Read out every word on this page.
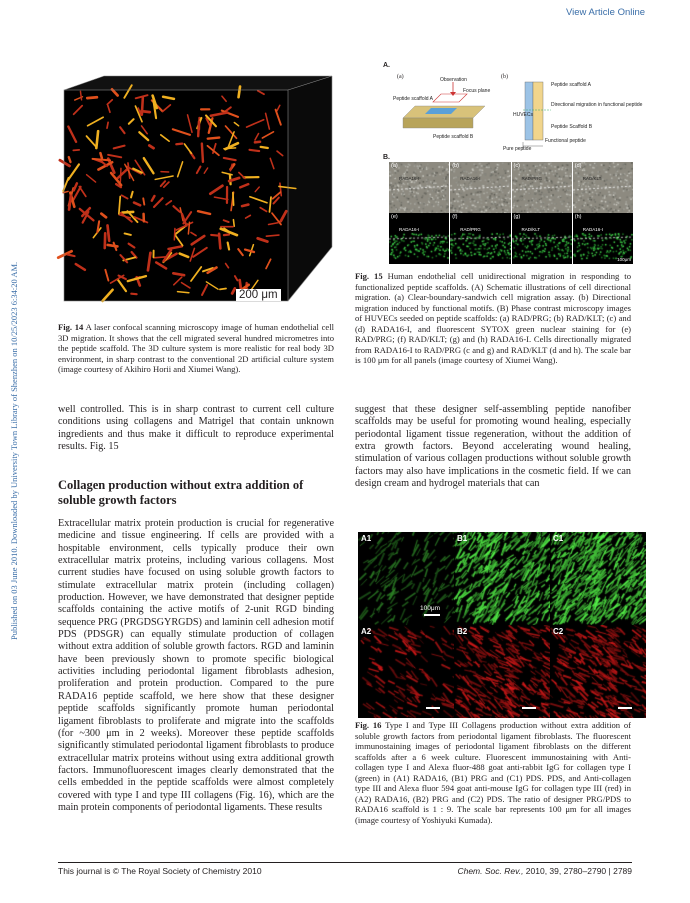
View Article Online
Published on 03 June 2010. Downloaded by University Town Library of Shenzhen on 10/25/2023 6:34:20 AM.	200 μm
Fig. 14 A laser confocal scanning microscopy image of human endothelial cell 3D migration. It shows that the cell migrated several hundred micrometres into the peptide scaffold. The 3D culture system is more realistic for real body 3D environment, in sharp contrast to the conventional 2D artificial culture system (image courtesy of Akihiro Horii and Xiumei Wang).
A.
(a)	(b)
Observation
Peptide scaffold A
Focus plane
Peptide scaffold B
Peptide scaffold A
Directional migration in functional peptide
HUVECs
Peptide Scaffold B
Functional peptide
Pure peptide
B.
(a)
RADA16-I
(b)
RADA16-I
(c)
RAD/PRG
(d)
RAD/KLT
(e)
RADA16-I
(f)
RAD/PRG
(g)
RAD/KLT
(h)
RADA16-I
100μm
Fig. 15 Human endothelial cell unidirectional migration in responding to functionalized peptide scaffolds. (A) Schematic illustrations of cell directional migration. (a) Clear-boundary-sandwich cell migration assay. (b) Directional migration induced by functional motifs. (B) Phase contrast microscopy images of HUVECs seeded on peptide scaffolds: (a) RAD/PRG; (b) RAD/KLT; (c) and (d) RADA16-I, and fluorescent SYTOX green nuclear staining for (e) RAD/PRG; (f) RAD/KLT; (g) and (h) RADA16-I. Cells directionally migrated from RADA16-I to RAD/PRG (c and g) and RAD/KLT (d and h). The scale bar is 100 μm for all panels (image courtesy of Xiumei Wang).
well controlled. This is in sharp contrast to current cell culture conditions using collagens and Matrigel that contain unknown ingredients and thus make it difficult to reproduce experimental results. Fig. 15
Collagen production without extra addition of soluble growth factors
Extracellular matrix protein production is crucial for regenerative medicine and tissue engineering. If cells are provided with a hospitable environment, cells typically produce their own extracellular matrix proteins, including various collagens. Most current studies have focused on using soluble growth factors to stimulate extracellular matrix protein (including collagen) production. However, we have demonstrated that designer peptide scaffolds containing the active motifs of 2-unit RGD binding sequence PRG (PRGDSGYRGDS) and laminin cell adhesion motif PDS (PDSGR) can equally stimulate production of collagen without extra addition of soluble growth factors. RGD and laminin have been previously shown to promote specific biological activities including periodontal ligament fibroblasts adhesion, proliferation and protein production. Compared to the pure RADA16 peptide scaffold, we here show that these designer peptide scaffolds significantly promote human periodontal ligament fibroblasts to proliferate and migrate into the scaffolds (for ~300 μm in 2 weeks). Moreover these peptide scaffolds significantly stimulated periodontal ligament fibroblasts to produce extracellular matrix proteins without using extra additional growth factors. Immunofluorescent images clearly demonstrated that the cells embedded in the peptide scaffolds were almost completely covered with type I and type III collagens (Fig. 16), which are the main protein components of periodontal ligaments. These results
suggest that these designer self-assembling peptide nanofiber scaffolds may be useful for promoting wound healing, especially periodontal ligament tissue regeneration, without the addition of extra growth factors. Beyond accelerating wound healing, stimulation of various collagen productions without soluble growth factors may also have implications in the cosmetic field. If we can design cream and hydrogel materials that can
A1
100μm
B1	C1
A2	B2	C2
Fig. 16 Type I and Type III Collagens production without extra addition of soluble growth factors from periodontal ligament fibroblasts. The fluorescent immunostaining images of periodontal ligament fibroblasts on the different scaffolds after a 6 week culture. Fluorescent immunostaining with Anti-collagen type I and Alexa fluor-488 goat anti-rabbit IgG for collagen type I (green) in (A1) RADA16, (B1) PRG and (C1) PDS. PDS, and Anti-collagen type III and Alexa fluor 594 goat anti-mouse IgG for collagen type III (red) in (A2) RADA16, (B2) PRG and (C2) PDS. The ratio of designer PRG/PDS to RADA16 scaffold is 1 : 9. The scale bar represents 100 μm for all images (image courtesy of Yoshiyuki Kumada).
This journal is © The Royal Society of Chemistry 2010	Chem. Soc. Rev., 2010, 39, 2780–2790 | 2789
